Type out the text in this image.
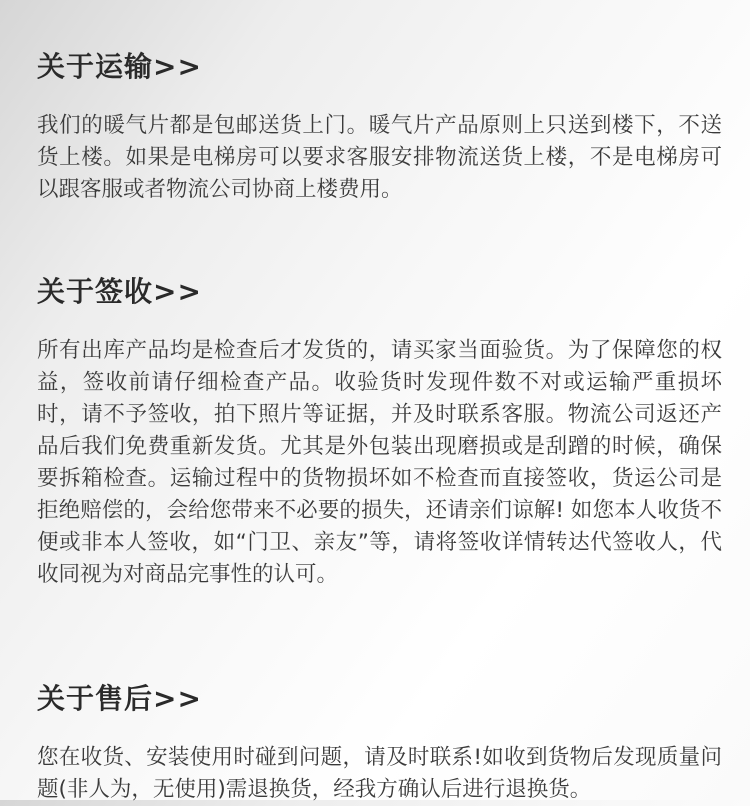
关于运输>>

我们的暖气片都是包邮送货上门。暖气片产品原则上只送到楼下，不送货上楼。如果是电梯房可以要求客服安排物流送货上楼，不是电梯房可以跟客服或者物流公司协商上楼费用。

关于签收>>

所有出库产品均是检查后才发货的，请买家当面验货。为了保障您的权益，签收前请仔细检查产品。收验货时发现件数不对或运输严重损坏时，请不予签收，拍下照片等证据，并及时联系客服。物流公司返还产品后我们免费重新发货。尤其是外包装出现磨损或是刮蹭的时候，确保要拆箱检查。运输过程中的货物损坏如不检查而直接签收，货运公司是拒绝赔偿的，会给您带来不必要的损失，还请亲们谅解! 如您本人收货不便或非本人签收，如“门卫、亲友”等，请将签收详情转达代签收人，代收同视为对商品完事性的认可。

关于售后>>

您在收货、安装使用时碰到问题，请及时联系!如收到货物后发现质量问题(非人为，无使用)需退换货，经我方确认后进行退换货。
